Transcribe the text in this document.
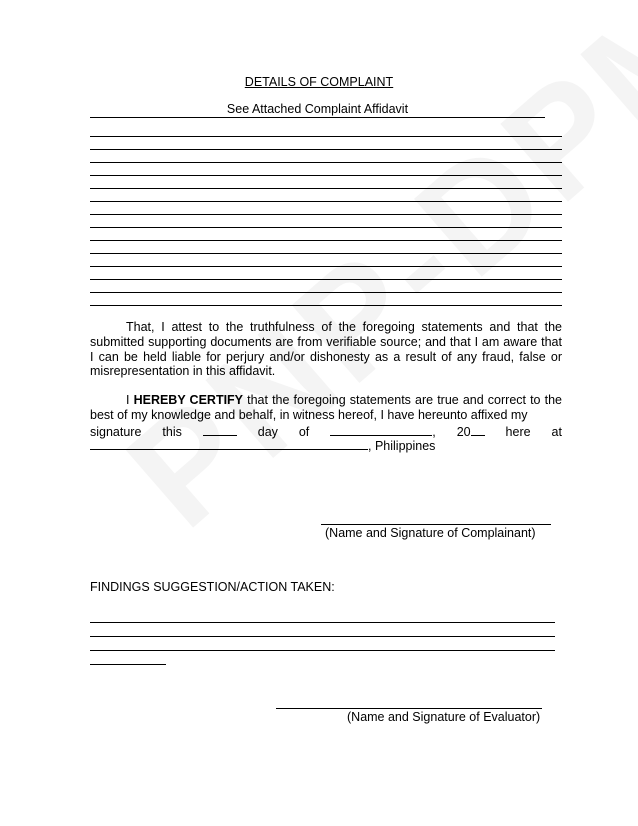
DETAILS OF COMPLAINT
See Attached Complaint Affidavit
That, I attest to the truthfulness of the foregoing statements and that the submitted supporting documents are from verifiable source; and that I am aware that I can be held liable for perjury and/or dishonesty as a result of any fraud, false or misrepresentation in this affidavit.
I HEREBY CERTIFY that the foregoing statements are true and correct to the best of my knowledge and behalf, in witness hereof, I have hereunto affixed my
signature this	day of	, 20	here at
, Philippines
(Name and Signature of Complainant)
FINDINGS SUGGESTION/ACTION TAKEN:
(Name and Signature of Evaluator)
